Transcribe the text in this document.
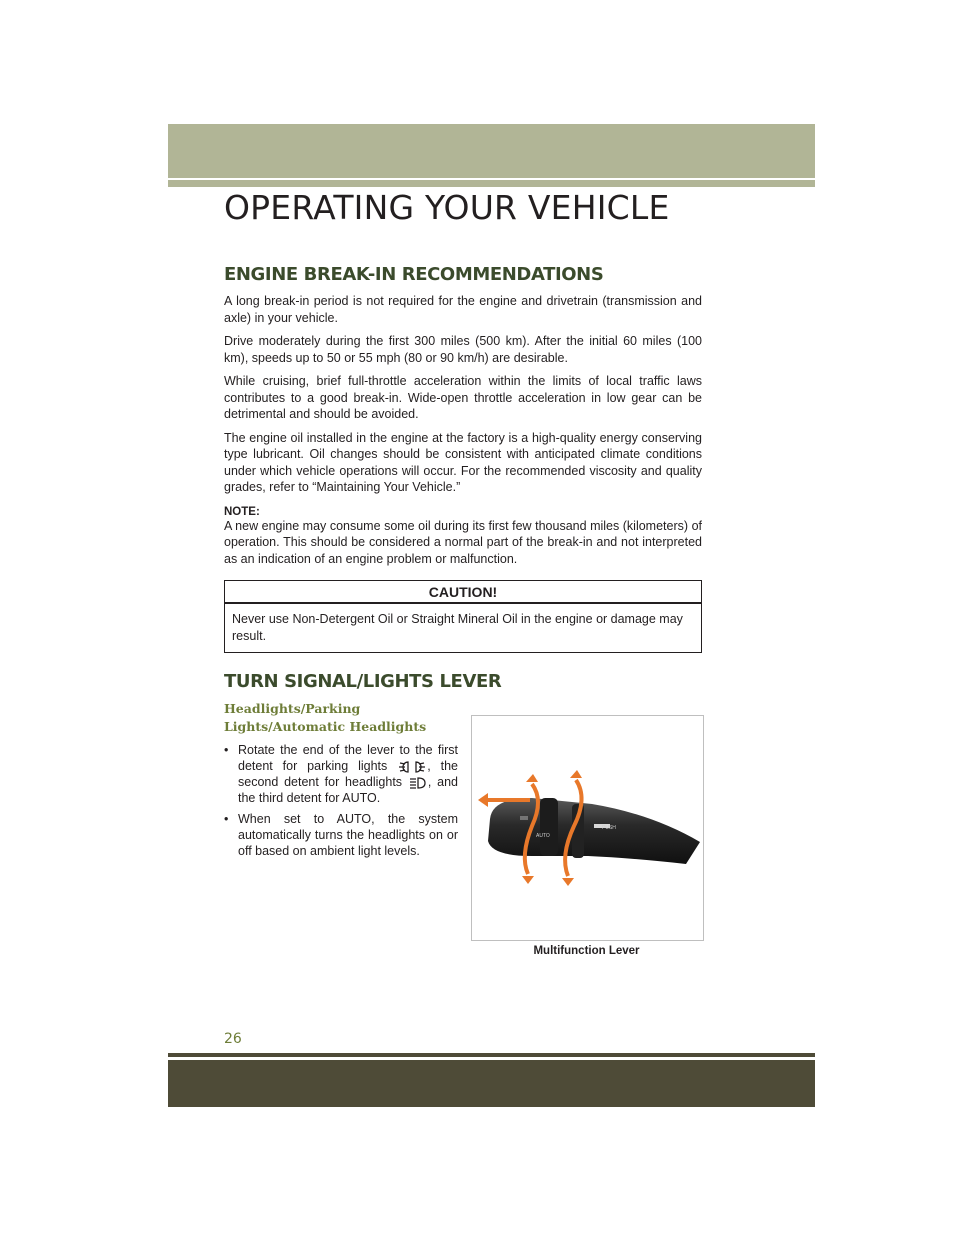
OPERATING YOUR VEHICLE
ENGINE BREAK-IN RECOMMENDATIONS

A long break-in period is not required for the engine and drivetrain (transmission and axle) in your vehicle.

Drive moderately during the first 300 miles (500 km). After the initial 60 miles (100 km), speeds up to 50 or 55 mph (80 or 90 km/h) are desirable.

While cruising, brief full-throttle acceleration within the limits of local traffic laws contributes to a good break-in. Wide-open throttle acceleration in low gear can be detrimental and should be avoided.

The engine oil installed in the engine at the factory is a high-quality energy conserving type lubricant. Oil changes should be consistent with anticipated climate conditions under which vehicle operations will occur. For the recommended viscosity and quality grades, refer to “Maintaining Your Vehicle.”

NOTE:

A new engine may consume some oil during its first few thousand miles (kilometers) of operation. This should be considered a normal part of the break-in and not interpreted as an indication of an engine problem or malfunction.

CAUTION!
Never use Non-Detergent Oil or Straight Mineral Oil in the engine or damage may result.
TURN SIGNAL/LIGHTS LEVER

Headlights/Parking Lights/Automatic Headlights

• Rotate the end of the lever to the first detent for parking lights	, the second detent for headlights , and the third detent for AUTO.
• When set to AUTO, the system automatically turns the headlights on or off based on ambient light levels.
AUTO
PUSH
Multifunction Lever
26
